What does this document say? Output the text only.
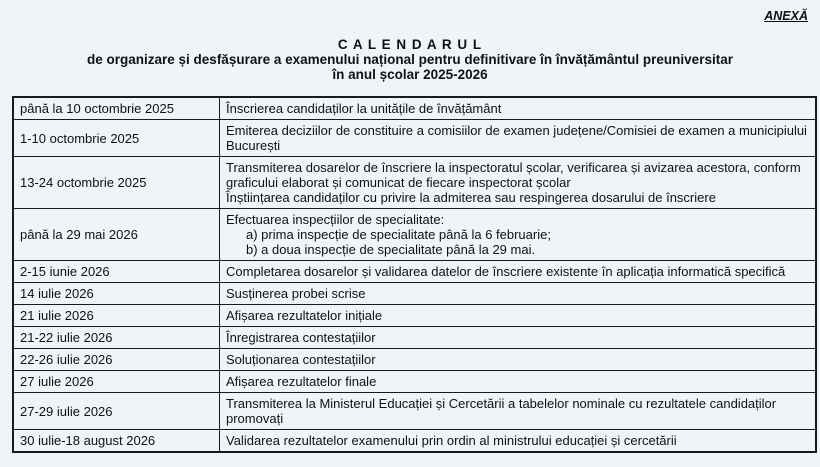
ANEXĂ
C A L E N D A R U L
de organizare și desfășurare a examenului național pentru definitivare în învățământul preuniversitar
în anul școlar 2025-2026
până la 10 octombrie 2025	Înscrierea candidaților la unitățile de învățământ

1-10 octombrie 2025	Emiterea deciziilor de constituire a comisiilor de examen județene/Comisiei de examen a municipiului București

13-24 octombrie 2025	Transmiterea dosarelor de înscriere la inspectoratul școlar, verificarea și avizarea acestora, conform graficului elaborat și comunicat de fiecare inspectorat școlar
Înștiințarea candidaților cu privire la admiterea sau respingerea dosarului de înscriere

până la 29 mai 2026	Efectuarea inspecțiilor de specialitate:
a) prima inspecție de specialitate până la 6 februarie;
b) a doua inspecție de specialitate până la 29 mai.

2-15 iunie 2026	Completarea dosarelor și validarea datelor de înscriere existente în aplicația informatică specifică

14 iulie 2026	Susținerea probei scrise

21 iulie 2026	Afișarea rezultatelor inițiale

21-22 iulie 2026	Înregistrarea contestațiilor

22-26 iulie 2026	Soluționarea contestațiilor

27 iulie 2026	Afișarea rezultatelor finale

27-29 iulie 2026	Transmiterea la Ministerul Educației și Cercetării a tabelelor nominale cu rezultatele candidaților promovați

30 iulie-18 august 2026	Validarea rezultatelor examenului prin ordin al ministrului educației și cercetării
